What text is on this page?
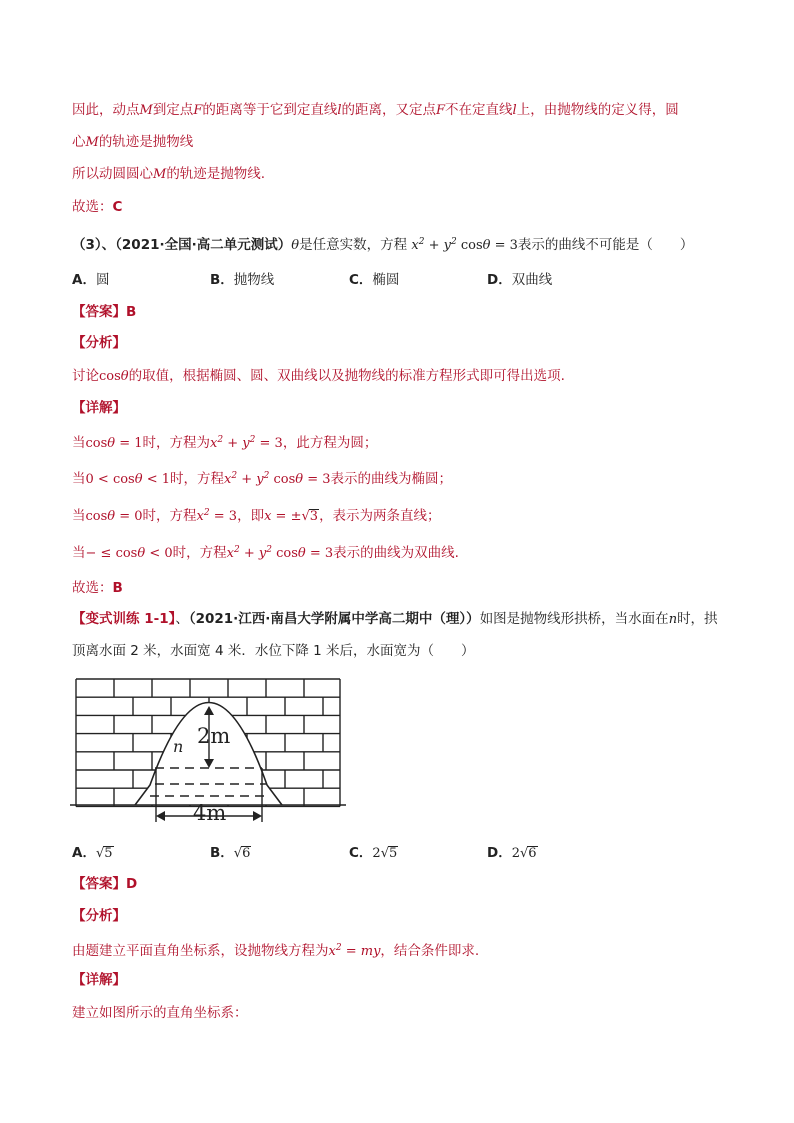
因此，动点M到定点F的距离等于它到定直线l的距离，又定点F不在定直线l上，由抛物线的定义得，圆
心M的轨迹是抛物线
所以动圆圆心M的轨迹是抛物线.
故选：C
（3）、（2021·全国·高二单元测试）θ是任意实数，方程 $x^2 + y^2$ cosθ = 3表示的曲线不可能是（　　）
A．圆	B．抛物线	C．椭圆	D．双曲线
【答案】B
【分析】
讨论cosθ的取值，根据椭圆、圆、双曲线以及抛物线的标准方程形式即可得出选项.
【详解】
当cosθ = 1时，方程为$x^2 + y^2 = 3$，此方程为圆；
当0 < cosθ < 1时，方程$x^2 + y^2$ cosθ = 3表示的曲线为椭圆；
当cosθ = 0时，方程$x^2 = 3$，即x = ±√3，表示为两条直线；
当− ≤ cosθ < 0时，方程$x^2 + y^2$ cosθ = 3表示的曲线为双曲线.
故选：B
【变式训练 1-1】、（2021·江西·南昌大学附属中学高二期中（理））如图是抛物线形拱桥，当水面在n时，拱
顶离水面 2 米，水面宽 4 米．水位下降 1 米后，水面宽为（　　）
2m
4m
n
A．√5	B．√6	C．2√5	D．2√6
【答案】D
【分析】
由题建立平面直角坐标系，设抛物线方程为$x^2$ = my，结合条件即求.
【详解】
建立如图所示的直角坐标系：
